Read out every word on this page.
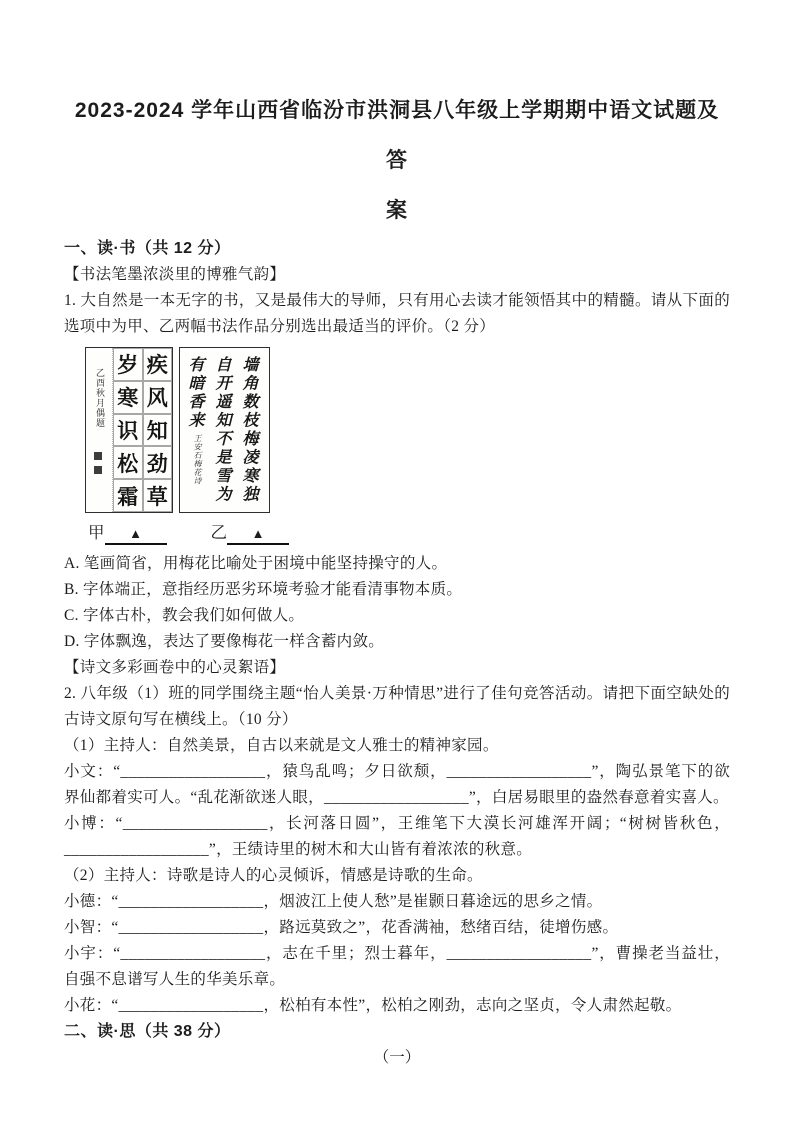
2023-2024 学年山西省临汾市洪洞县八年级上学期期中语文试题及答
案
一、读·书（共 12 分）
【书法笔墨浓淡里的博雅气韵】
1. 大自然是一本无字的书，又是最伟大的导师，只有用心去读才能领悟其中的精髓。请从下面的选项中为甲、乙两幅书法作品分别选出最适当的评价。（2 分）
乙酉秋月偶题
岁
寒
识
松
霜
疾
风
知
劲
草	墙角数枝梅凌寒独自开遥知不是雪为有暗香来
王安石梅花诗
甲	▲	乙	▲
A. 笔画简省，用梅花比喻处于困境中能坚持操守的人。
B. 字体端正，意指经历恶劣环境考验才能看清事物本质。
C. 字体古朴，教会我们如何做人。
D. 字体飘逸，表达了要像梅花一样含蓄内敛。
【诗文多彩画卷中的心灵絮语】
2. 八年级（1）班的同学围绕主题“怡人美景·万种情思”进行了佳句竞答活动。请把下面空缺处的古诗文原句写在横线上。（10 分）
（1）主持人：自然美景，自古以来就是文人雅士的精神家园。
小文：“__________________，猿鸟乱鸣；夕日欲颓，__________________”，陶弘景笔下的欲界仙都着实可人。“乱花渐欲迷人眼，__________________”，白居易眼里的盎然春意着实喜人。
小博：“__________________，长河落日圆”，王维笔下大漠长河雄浑开阔；“树树皆秋色，__________________”，王绩诗里的树木和大山皆有着浓浓的秋意。
（2）主持人：诗歌是诗人的心灵倾诉，情感是诗歌的生命。
小德：“__________________，烟波江上使人愁”是崔颢日暮途远的思乡之情。
小智：“__________________，路远莫致之”，花香满袖，愁绪百结，徒增伤感。
小宇：“__________________，志在千里；烈士暮年，__________________”，曹操老当益壮，自强不息谱写人生的华美乐章。
小花：“__________________，松柏有本性”，松柏之刚劲，志向之坚贞，令人肃然起敬。
二、读·思（共 38 分）
（一）
